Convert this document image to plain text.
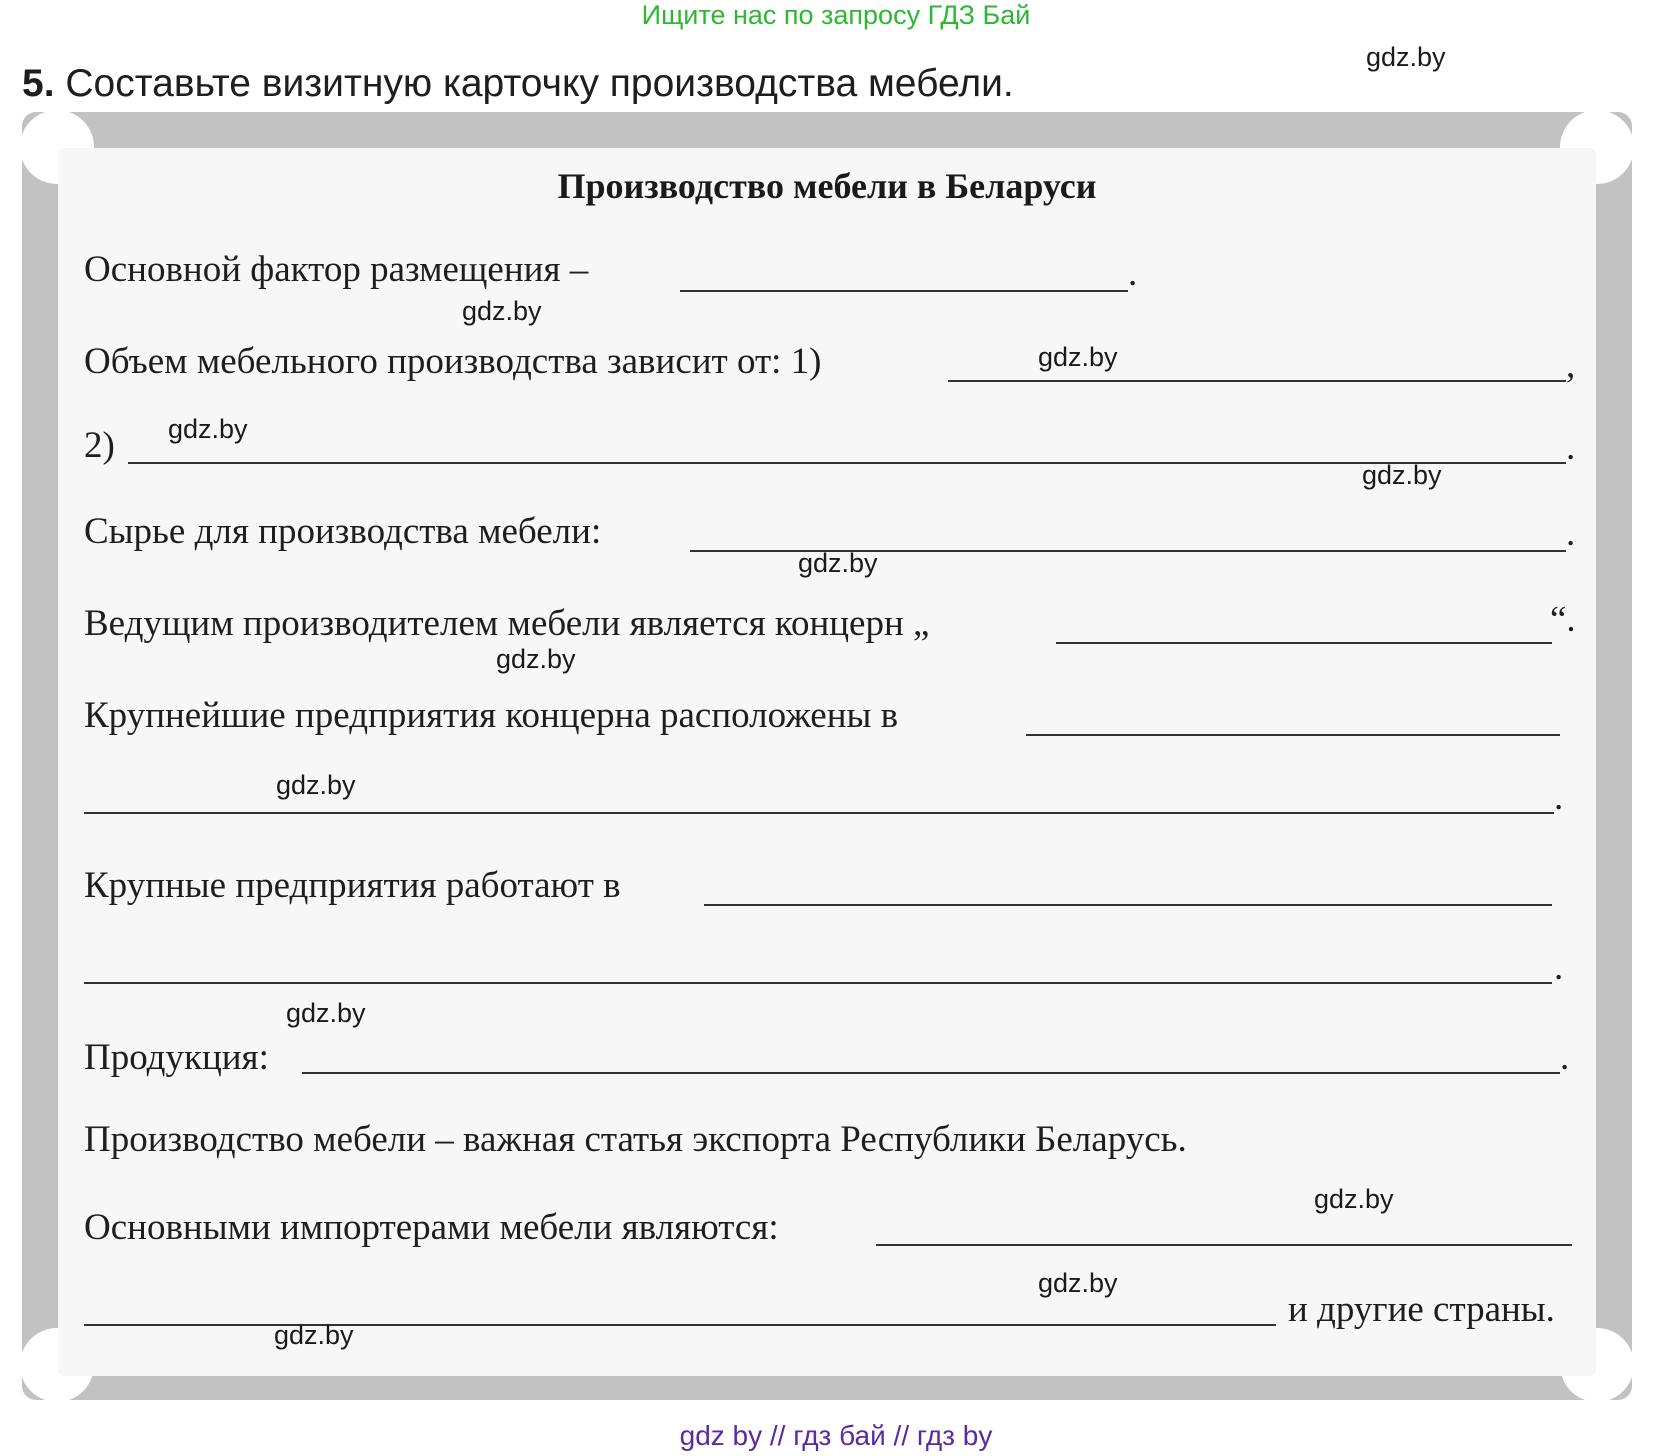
Ищите нас по запросу ГДЗ Бай
5. Составьте визитную карточку производства мебели.
Производство мебели в Беларуси
Основной фактор размещения –	.
Объем мебельного производства зависит от: 1)	,
2)	.
Сырье для производства мебели:	.
Ведущим производителем мебели является концерн „	“.
Крупнейшие предприятия концерна расположены в
.
Крупные предприятия работают в
.
Продукция:	.
Производство мебели – важная статья экспорта Республики Беларусь.
Основными импортерами мебели являются:
и другие страны.
gdz.by
gdz.by
gdz.by
gdz.by
gdz.by
gdz.by
gdz.by
gdz.by
gdz.by
gdz.by
gdz.by
gdz.by
gdz by // гдз бай // гдз by
